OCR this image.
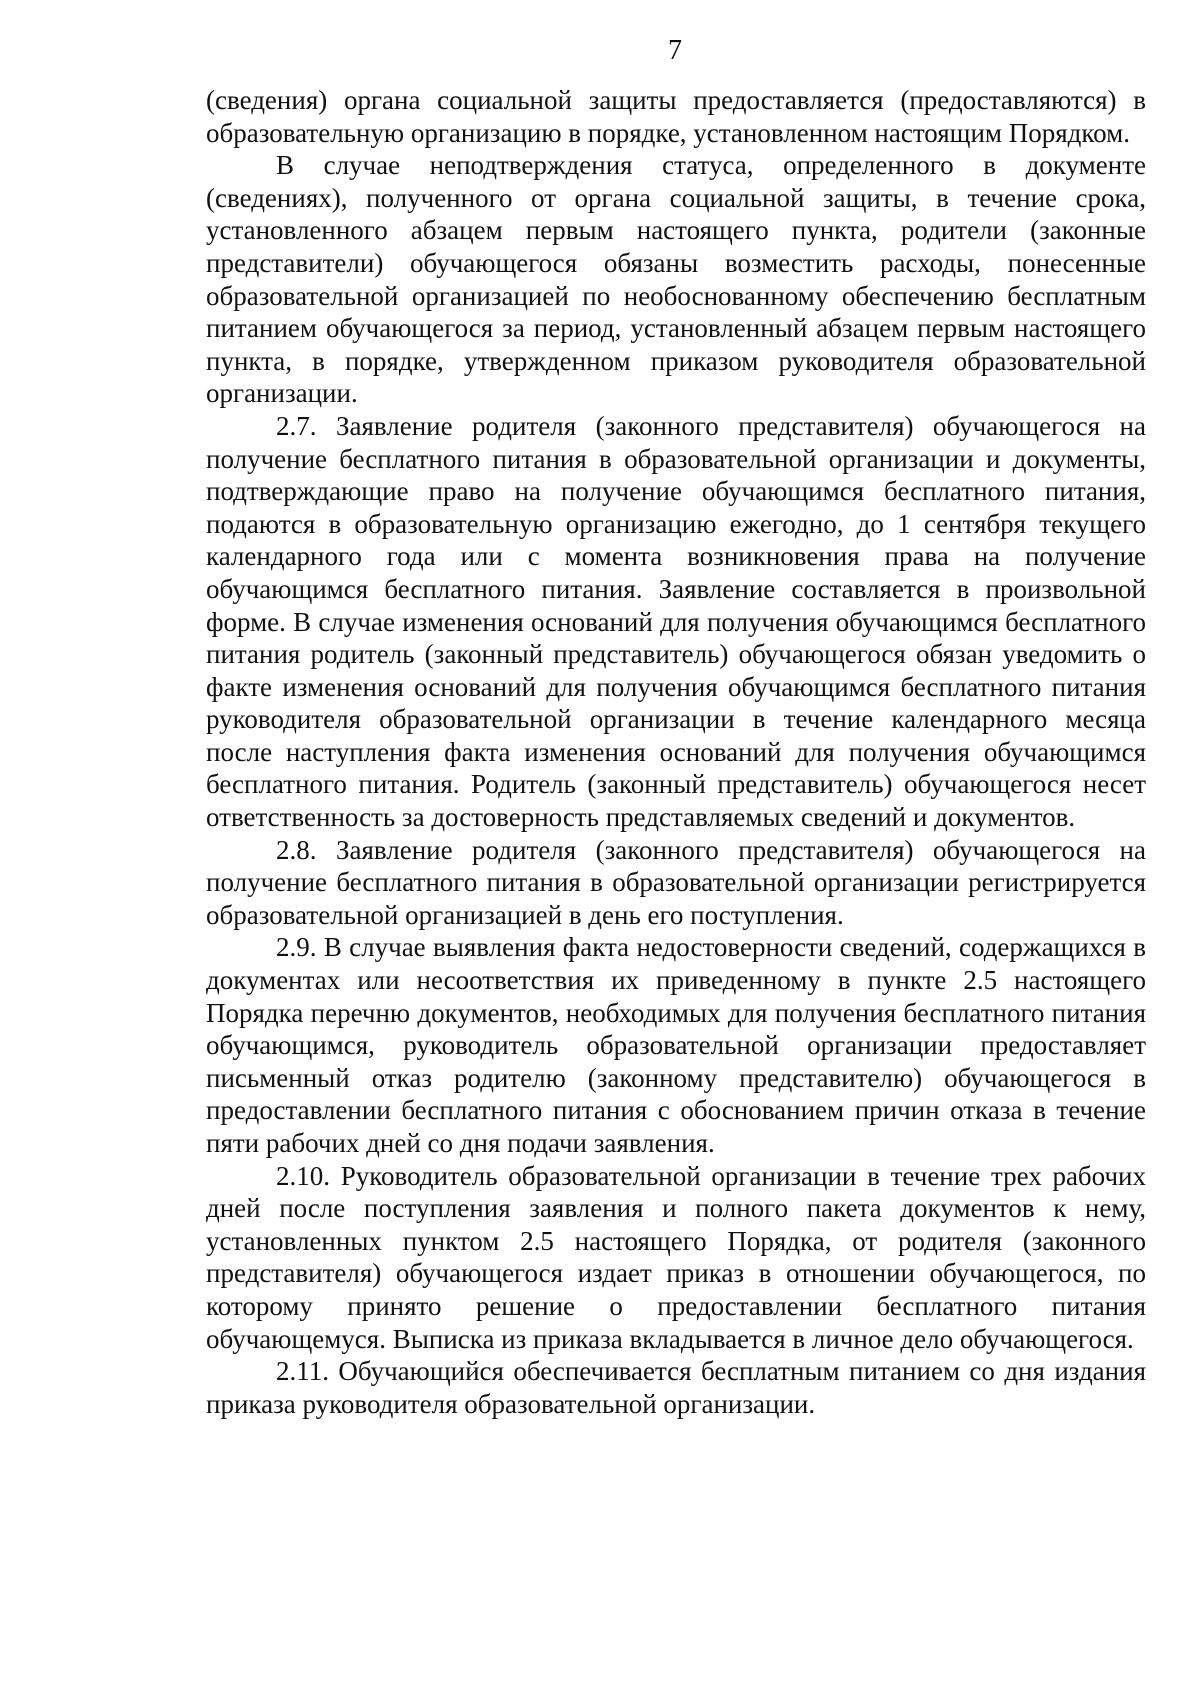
7

(сведения) органа социальной защиты предоставляется (предоставляются) в образовательную организацию в порядке, установленном настоящим Порядком.

В случае неподтверждения статуса, определенного в документе (сведениях), полученного от органа социальной защиты, в течение срока, установленного абзацем первым настоящего пункта, родители (законные представители) обучающегося обязаны возместить расходы, понесенные образовательной организацией по необоснованному обеспечению бесплатным питанием обучающегося за период, установленный абзацем первым настоящего пункта, в порядке, утвержденном приказом руководителя образовательной организации.

2.7. Заявление родителя (законного представителя) обучающегося на получение бесплатного питания в образовательной организации и документы, подтверждающие право на получение обучающимся бесплатного питания, подаются в образовательную организацию ежегодно, до 1 сентября текущего календарного года или с момента возникновения права на получение обучающимся бесплатного питания. Заявление составляется в произвольной форме. В случае изменения оснований для получения обучающимся бесплатного питания родитель (законный представитель) обучающегося обязан уведомить о факте изменения оснований для получения обучающимся бесплатного питания руководителя образовательной организации в течение календарного месяца после наступления факта изменения оснований для получения обучающимся бесплатного питания. Родитель (законный представитель) обучающегося несет ответственность за достоверность представляемых сведений и документов.

2.8. Заявление родителя (законного представителя) обучающегося на получение бесплатного питания в образовательной организации регистрируется образовательной организацией в день его поступления.

2.9. В случае выявления факта недостоверности сведений, содержащихся в документах или несоответствия их приведенному в пункте 2.5 настоящего Порядка перечню документов, необходимых для получения бесплатного питания обучающимся, руководитель образовательной организации предоставляет письменный отказ родителю (законному представителю) обучающегося в предоставлении бесплатного питания с обоснованием причин отказа в течение пяти рабочих дней со дня подачи заявления.

2.10. Руководитель образовательной организации в течение трех рабочих дней после поступления заявления и полного пакета документов к нему, установленных пунктом 2.5 настоящего Порядка, от родителя (законного представителя) обучающегося издает приказ в отношении обучающегося, по которому принято решение о предоставлении бесплатного питания обучающемуся. Выписка из приказа вкладывается в личное дело обучающегося.

2.11. Обучающийся обеспечивается бесплатным питанием со дня издания приказа руководителя образовательной организации.
